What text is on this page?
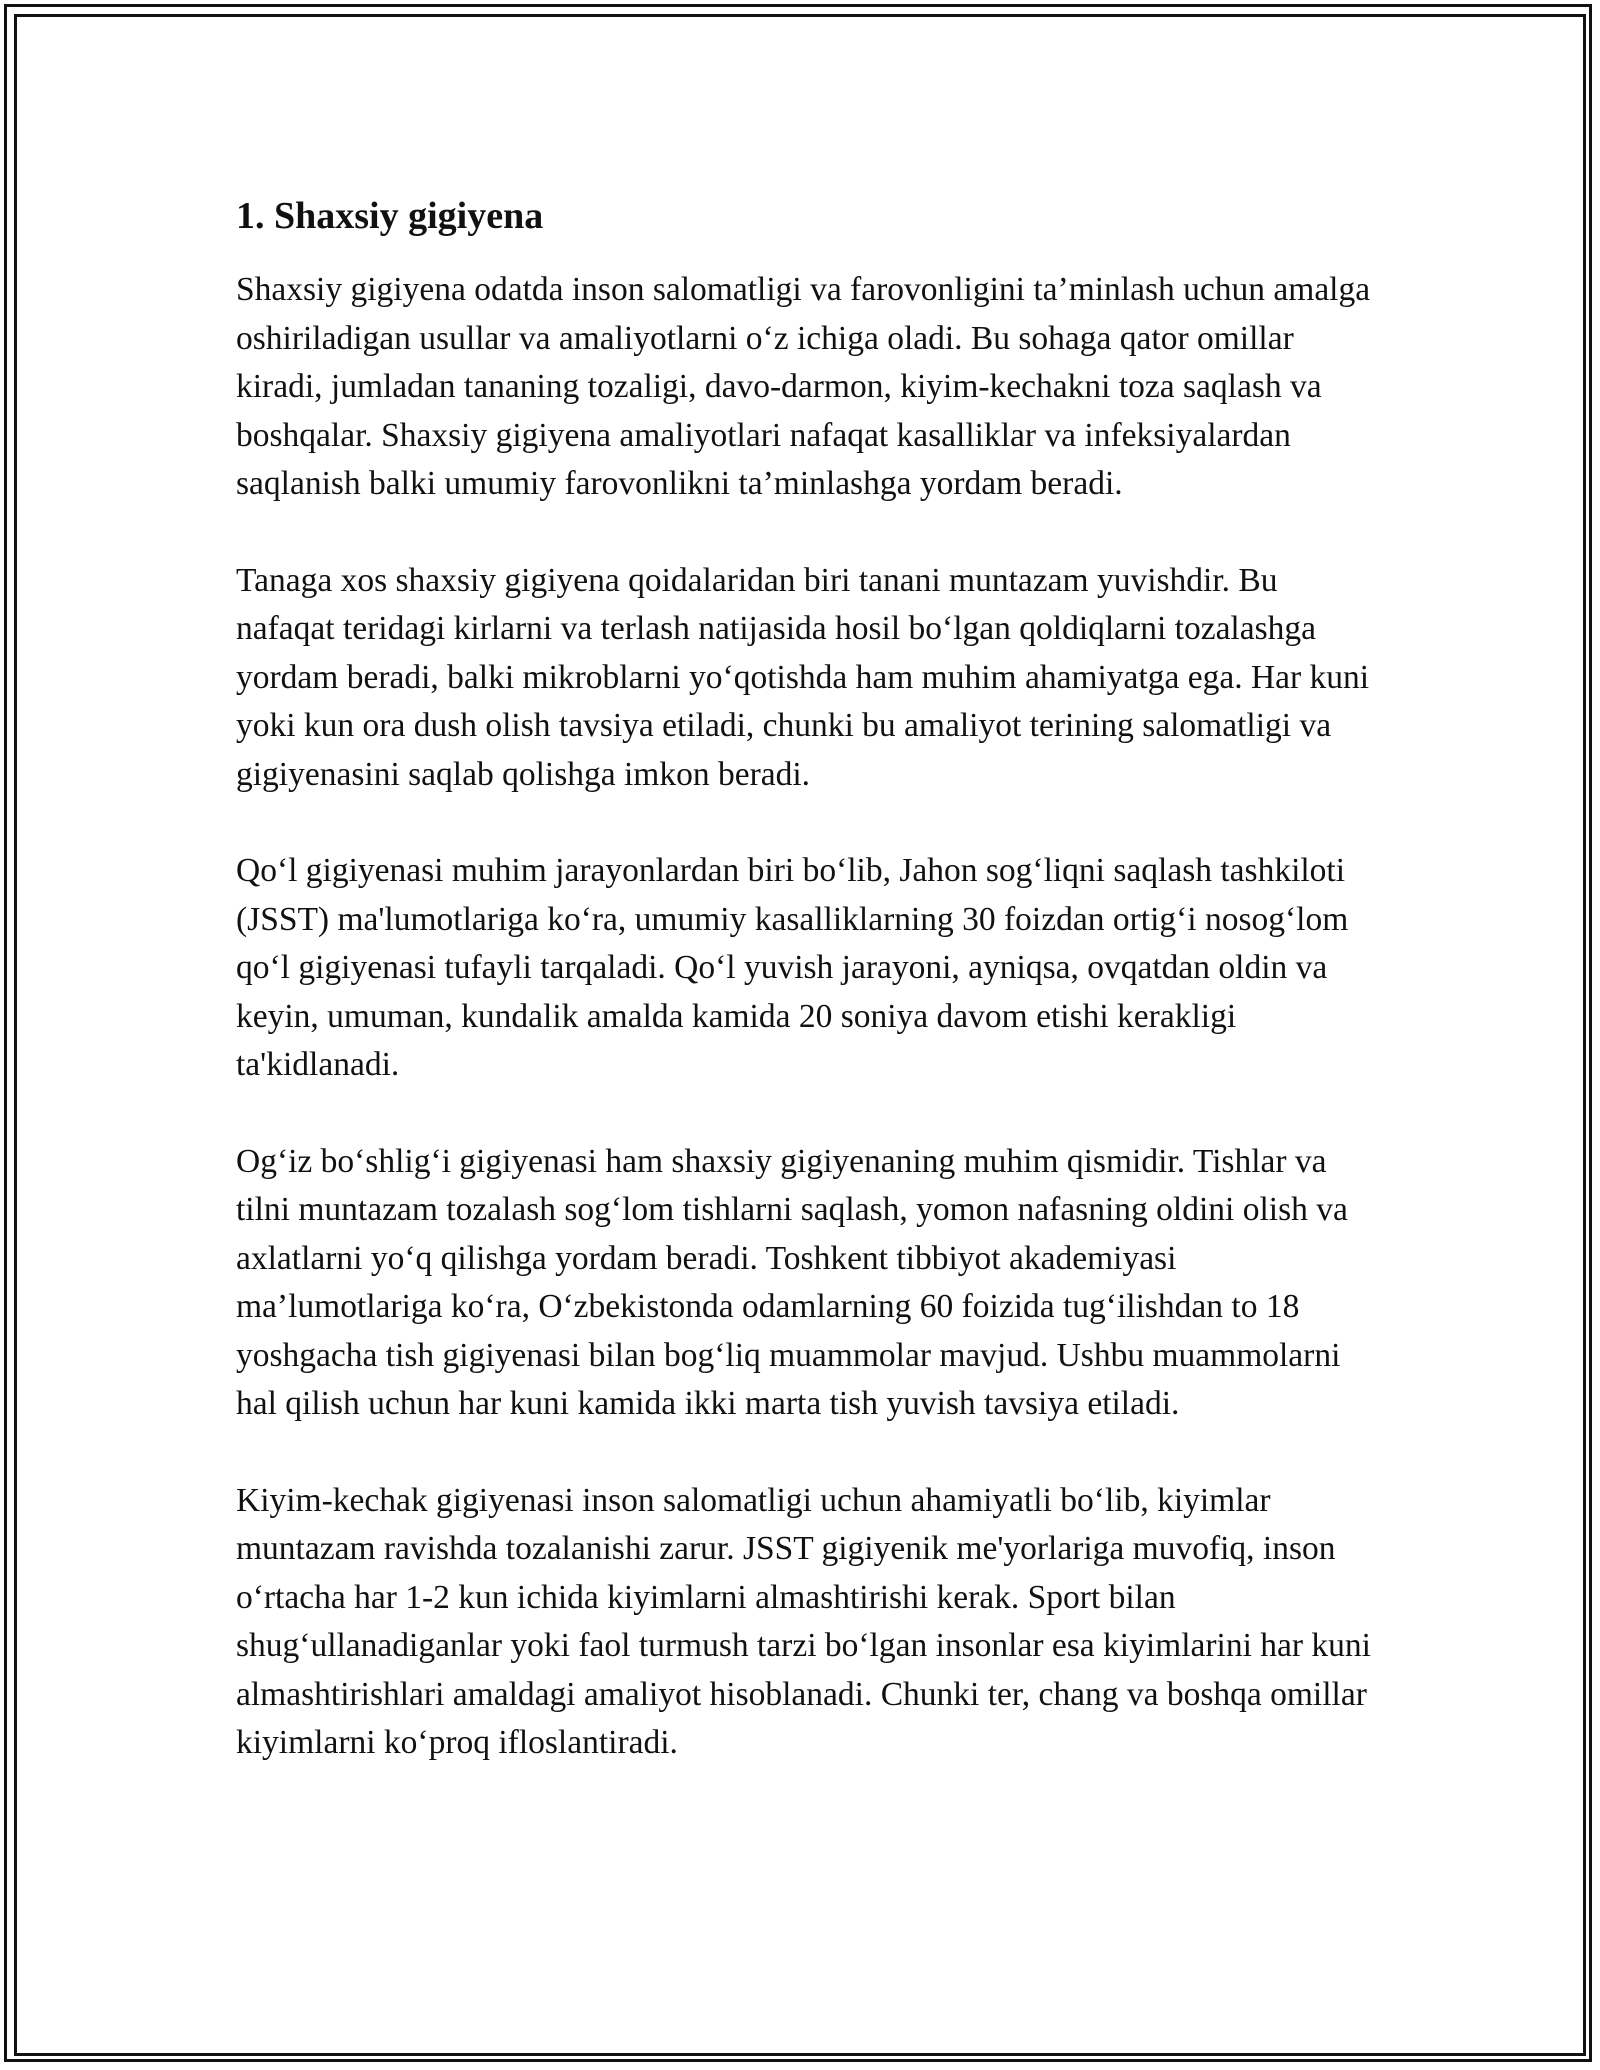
1. Shaxsiy gigiyena

Shaxsiy gigiyena odatda inson salomatligi va farovonligini ta’minlash uchun amalga oshiriladigan usullar va amaliyotlarni o‘z ichiga oladi. Bu sohaga qator omillar kiradi, jumladan tananing tozaligi, davo-darmon, kiyim-kechakni toza saqlash va boshqalar. Shaxsiy gigiyena amaliyotlari nafaqat kasalliklar va infeksiyalardan saqlanish balki umumiy farovonlikni ta’minlashga yordam beradi.

Tanaga xos shaxsiy gigiyena qoidalaridan biri tanani muntazam yuvishdir. Bu nafaqat teridagi kirlarni va terlash natijasida hosil bo‘lgan qoldiqlarni tozalashga yordam beradi, balki mikroblarni yo‘qotishda ham muhim ahamiyatga ega. Har kuni yoki kun ora dush olish tavsiya etiladi, chunki bu amaliyot terining salomatligi va gigiyenasini saqlab qolishga imkon beradi.

Qo‘l gigiyenasi muhim jarayonlardan biri bo‘lib, Jahon sog‘liqni saqlash tashkiloti (JSST) ma'lumotlariga ko‘ra, umumiy kasalliklarning 30 foizdan ortig‘i nosog‘lom qo‘l gigiyenasi tufayli tarqaladi. Qo‘l yuvish jarayoni, ayniqsa, ovqatdan oldin va keyin, umuman, kundalik amalda kamida 20 soniya davom etishi kerakligi ta'kidlanadi.

Og‘iz bo‘shlig‘i gigiyenasi ham shaxsiy gigiyenaning muhim qismidir. Tishlar va tilni muntazam tozalash sog‘lom tishlarni saqlash, yomon nafasning oldini olish va axlatlarni yo‘q qilishga yordam beradi. Toshkent tibbiyot akademiyasi ma’lumotlariga ko‘ra, O‘zbekistonda odamlarning 60 foizida tug‘ilishdan to 18 yoshgacha tish gigiyenasi bilan bog‘liq muammolar mavjud. Ushbu muammolarni hal qilish uchun har kuni kamida ikki marta tish yuvish tavsiya etiladi.

Kiyim-kechak gigiyenasi inson salomatligi uchun ahamiyatli bo‘lib, kiyimlar muntazam ravishda tozalanishi zarur. JSST gigiyenik me'yorlariga muvofiq, inson o‘rtacha har 1-2 kun ichida kiyimlarni almashtirishi kerak. Sport bilan shug‘ullanadiganlar yoki faol turmush tarzi bo‘lgan insonlar esa kiyimlarini har kuni almashtirishlari amaldagi amaliyot hisoblanadi. Chunki ter, chang va boshqa omillar kiyimlarni ko‘proq ifloslantiradi.
